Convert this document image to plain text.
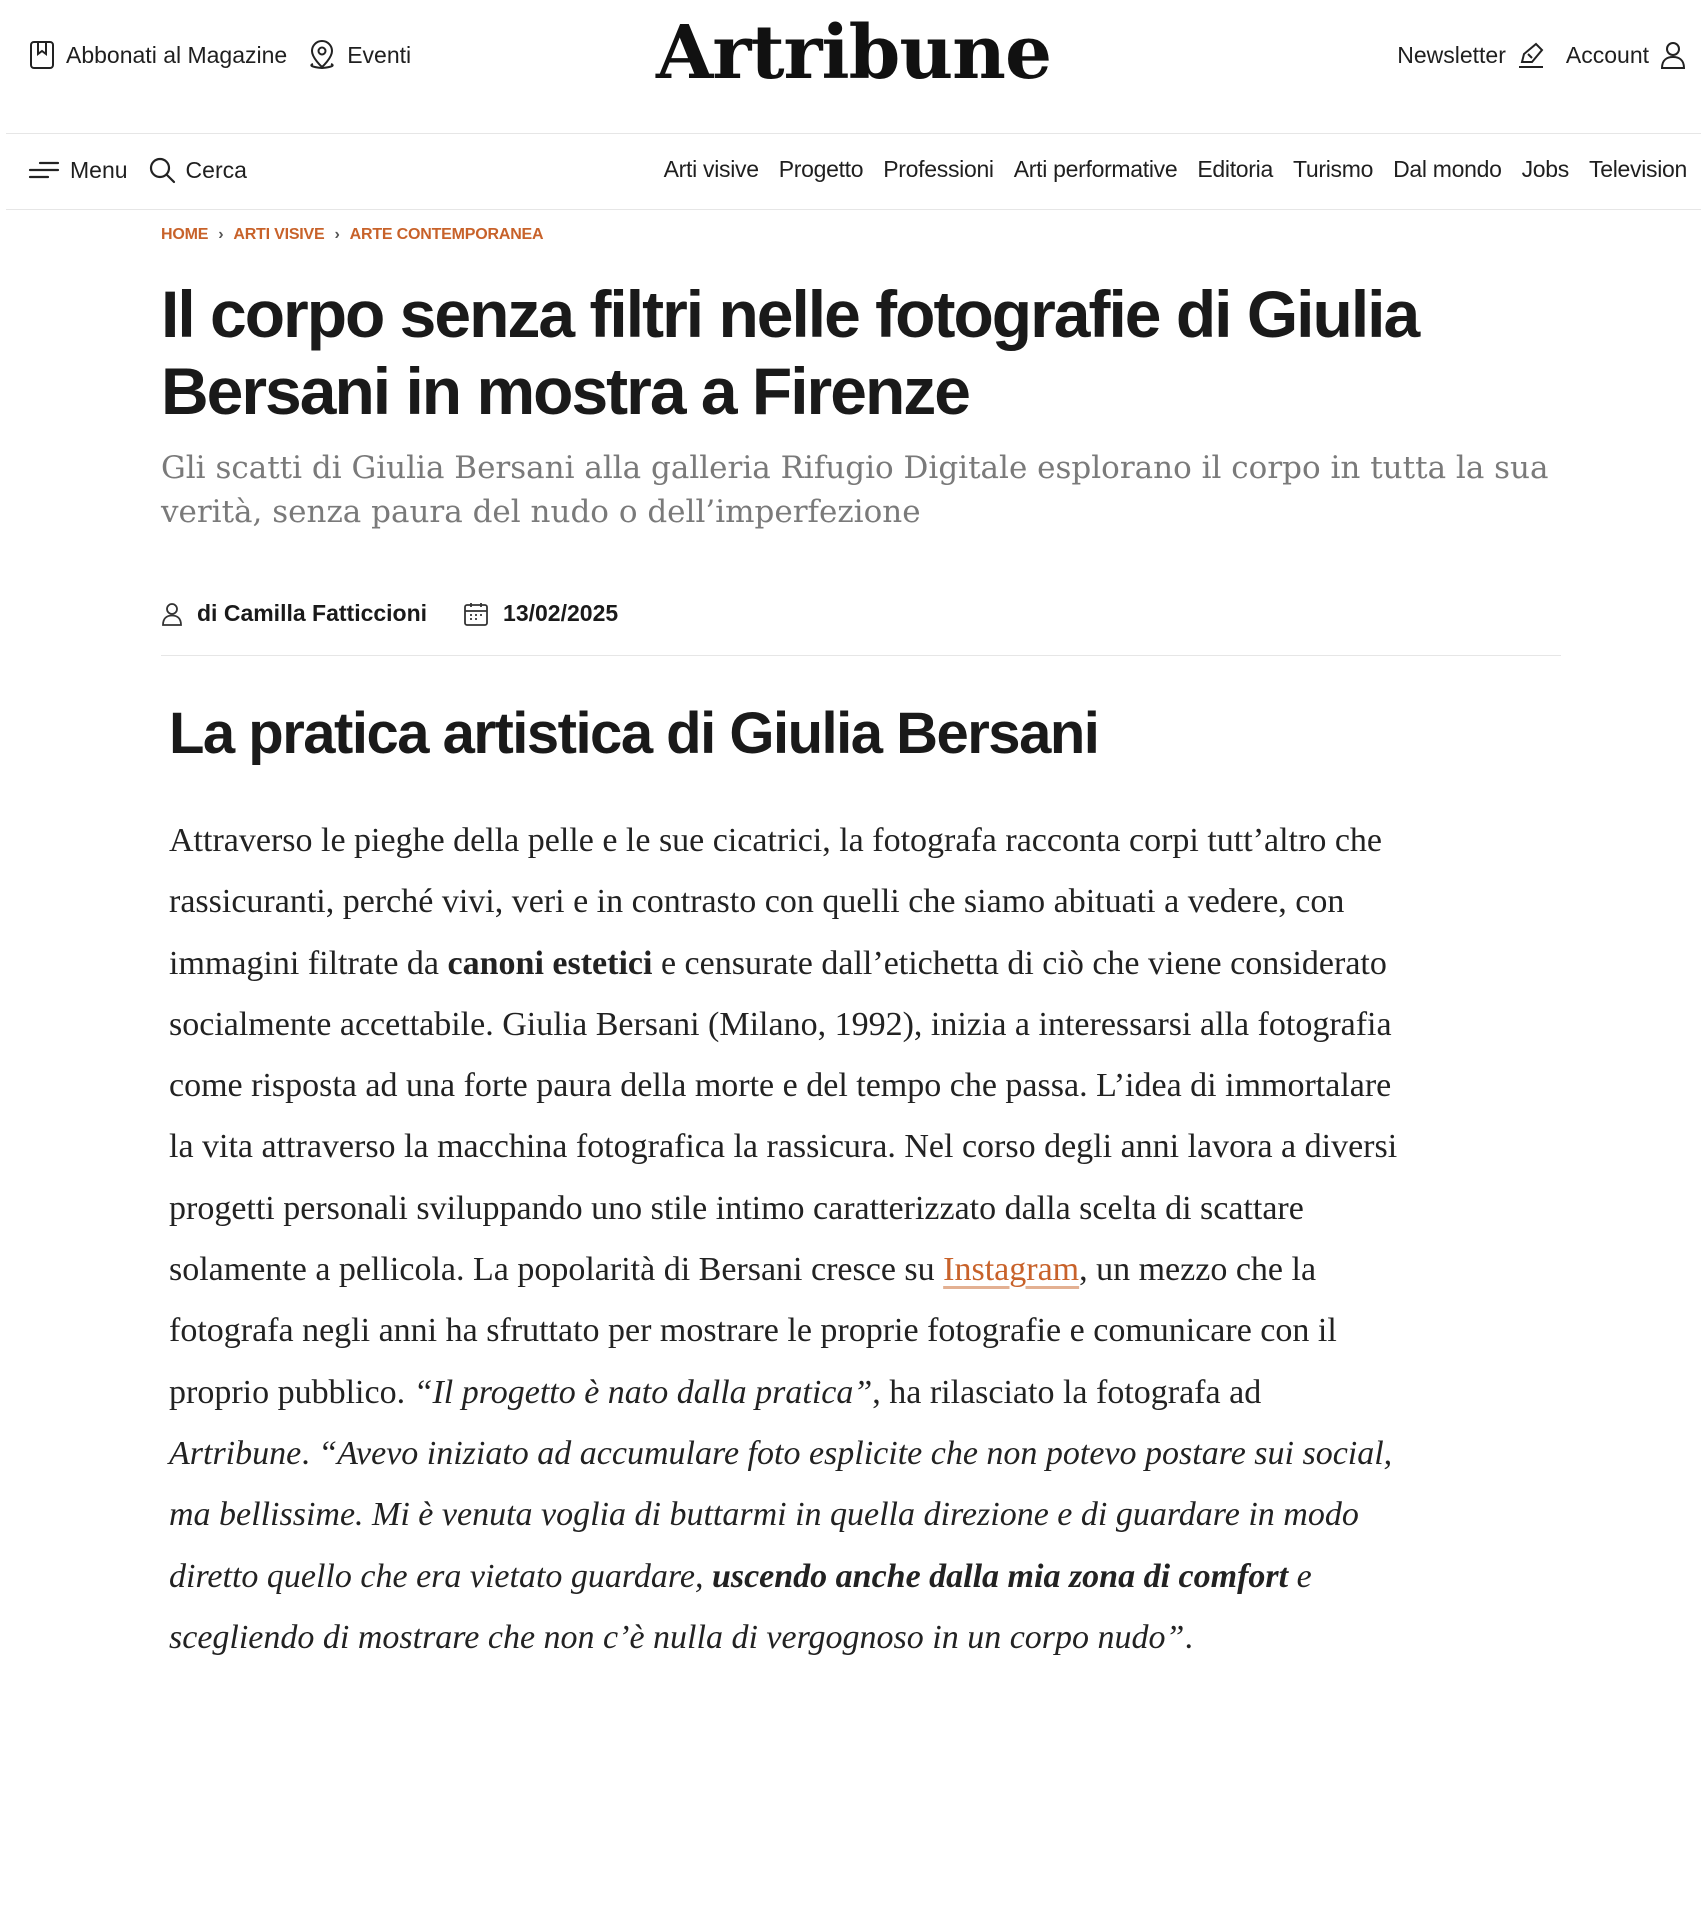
Abbonati al Magazine	Eventi	Artribune	Newsletter	Account
Menu	Cerca	Arti visive Progetto Professioni Arti performative Editoria Turismo Dal mondo Jobs Television
HOME › ARTI VISIVE › ARTE CONTEMPORANEA
Il corpo senza filtri nelle fotografie di Giulia Bersani in mostra a Firenze

Gli scatti di Giulia Bersani alla galleria Rifugio Digitale esplorano il corpo in tutta la sua verità, senza paura del nudo o dell’imperfezione

di Camilla Fatticcioni	13/02/2025
La pratica artistica di Giulia Bersani

Attraverso le pieghe della pelle e le sue cicatrici, la fotografa racconta corpi tutt’altro che rassicuranti, perché vivi, veri e in contrasto con quelli che siamo abituati a vedere, con immagini filtrate da canoni estetici e censurate dall’etichetta di ciò che viene considerato socialmente accettabile. Giulia Bersani (Milano, 1992), inizia a interessarsi alla fotografia come risposta ad una forte paura della morte e del tempo che passa. L’idea di immortalare la vita attraverso la macchina fotografica la rassicura. Nel corso degli anni lavora a diversi progetti personali sviluppando uno stile intimo caratterizzato dalla scelta di scattare solamente a pellicola. La popolarità di Bersani cresce su Instagram, un mezzo che la fotografa negli anni ha sfruttato per mostrare le proprie fotografie e comunicare con il proprio pubblico. “Il progetto è nato dalla pratica”, ha rilasciato la fotografa ad Artribune. “Avevo iniziato ad accumulare foto esplicite che non potevo postare sui social, ma bellissime. Mi è venuta voglia di buttarmi in quella direzione e di guardare in modo diretto quello che era vietato guardare, uscendo anche dalla mia zona di comfort e scegliendo di mostrare che non c’è nulla di vergognoso in un corpo nudo”.
